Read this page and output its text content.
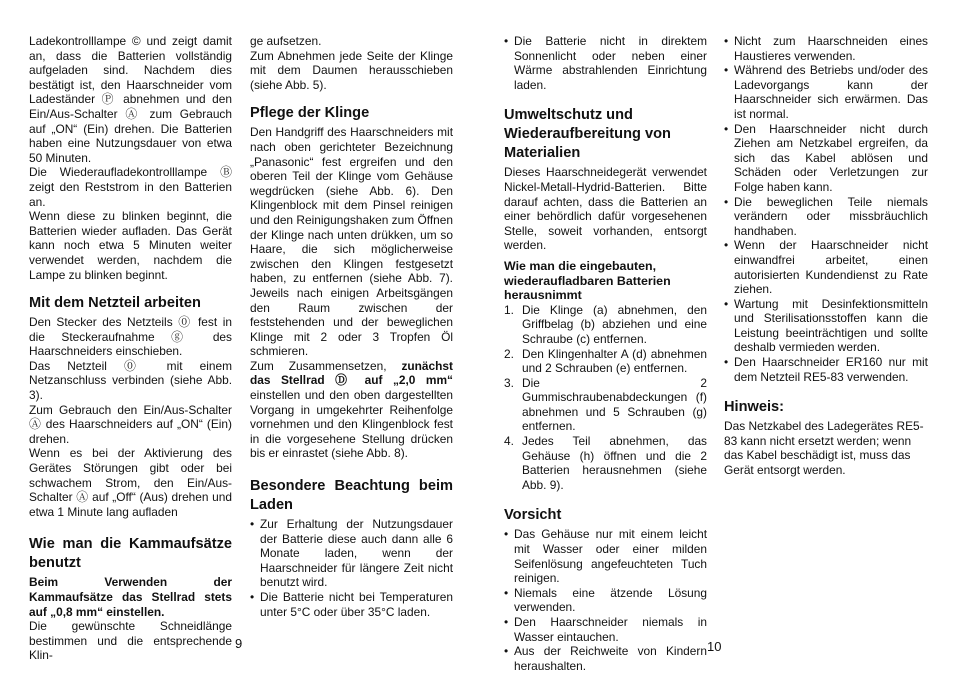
Ladekontrolllampe © und zeigt damit an, dass die Batterien vollständig aufgeladen sind. Nachdem dies bestätigt ist, den Haarschneider vom Ladeständer Ⓟ abnehmen und den Ein/Aus-Schalter Ⓐ zum Gebrauch auf „ON“ (Ein) drehen. Die Batterien haben eine Nutzungsdauer von etwa 50 Minuten.

Die Wiederaufladekontrolllampe Ⓑ zeigt den Reststrom in den Batterien an.

Wenn diese zu blinken beginnt, die Batterien wieder aufladen. Das Gerät kann noch etwa 5 Minuten weiter verwendet werden, nachdem die Lampe zu blinken beginnt.

Mit dem Netzteil arbeiten

Den Stecker des Netzteils ⓪ fest in die Steckeraufnahme ⓖ des Haarschneiders einschieben.

Das Netzteil ⓪ mit einem Netzanschluss verbinden (siehe Abb. 3).

Zum Gebrauch den Ein/Aus-Schalter Ⓐ des Haarschneiders auf „ON“ (Ein) drehen.

Wenn es bei der Aktivierung des Gerätes Störungen gibt oder bei schwachem Strom, den Ein/Aus-Schalter Ⓐ auf „Off“ (Aus) drehen und etwa 1 Minute lang aufladen

Wie man die Kammaufsätze benutzt

Beim Verwenden der Kammaufsätze das Stellrad stets auf „0,8 mm“ einstellen.

Die gewünschte Schneidlänge bestimmen und die entsprechende Klin-

ge aufsetzen.

Zum Abnehmen jede Seite der Klinge mit dem Daumen herausschieben (siehe Abb. 5).

Pflege der Klinge

Den Handgriff des Haarschneiders mit nach oben gerichteter Bezeichnung „Panasonic“ fest ergreifen und den oberen Teil der Klinge vom Gehäuse wegdrücken (siehe Abb. 6). Den Klingenblock mit dem Pinsel reinigen und den Reinigungshaken zum Öffnen der Klinge nach unten drükken, um so Haare, die sich möglicherweise zwischen den Klingen festgesetzt haben, zu entfernen (siehe Abb. 7). Jeweils nach einigen Arbeitsgängen den Raum zwischen der feststehenden und der beweglichen Klinge mit 2 oder 3 Tropfen Öl schmieren.

Zum Zusammensetzen, zunächst das Stellrad Ⓓ auf „2,0 mm“ einstellen und den oben dargestellten Vorgang in umgekehrter Reihenfolge vornehmen und den Klingenblock fest in die vorgesehene Stellung drücken bis er einrastet (siehe Abb. 8).

Besondere Beachtung beim Laden
• Zur Erhaltung der Nutzungsdauer der Batterie diese auch dann alle 6 Monate laden, wenn der Haarschneider für längere Zeit nicht benutzt wird.
• Die Batterie nicht bei Temperaturen unter 5°C oder über 35°C laden.
• Die Batterie nicht in direktem Sonnenlicht oder neben einer Wärme abstrahlenden Einrichtung laden.
Umweltschutz und Wiederaufbereitung von Materialien

Dieses Haarschneidegerät verwendet Nickel-Metall-Hydrid-Batterien. Bitte darauf achten, dass die Batterien an einer behördlich dafür vorgesehenen Stelle, soweit vorhanden, entsorgt werden.

Wie man die eingebauten, wiederaufladbaren Batterien herausnimmt
1. Die Klinge (a) abnehmen, den Griffbelag (b) abziehen und eine Schraube (c) entfernen.
2. Den Klingenhalter A (d) abnehmen und 2 Schrauben (e) entfernen.
3. Die 2 Gummischraubenabdeckungen (f) abnehmen und 5 Schrauben (g) entfernen.
4. Jedes Teil abnehmen, das Gehäuse (h) öffnen und die 2 Batterien herausnehmen (siehe Abb. 9).
Vorsicht
• Das Gehäuse nur mit einem leicht mit Wasser oder einer milden Seifenlösung angefeuchteten Tuch reinigen.
• Niemals eine ätzende Lösung verwenden.
• Den Haarschneider niemals in Wasser eintauchen.
• Aus der Reichweite von Kindern heraushalten.
• Nicht zum Haarschneiden eines Haustieres verwenden.
• Während des Betriebs und/oder des Ladevorgangs kann der Haarschneider sich erwärmen. Das ist normal.
• Den Haarschneider nicht durch Ziehen am Netzkabel ergreifen, da sich das Kabel ablösen und Schäden oder Verletzungen zur Folge haben kann.
• Die beweglichen Teile niemals verändern oder missbräuchlich handhaben.
• Wenn der Haarschneider nicht einwandfrei arbeitet, einen autorisierten Kundendienst zu Rate ziehen.
• Wartung mit Desinfektionsmitteln und Sterilisationsstoffen kann die Leistung beeinträchtigen und sollte deshalb vermieden werden.
• Den Haarschneider ER160 nur mit dem Netzteil RE5-83 verwenden.
Hinweis:

Das Netzkabel des Ladegerätes RE5-83 kann nicht ersetzt werden; wenn das Kabel beschädigt ist, muss das Gerät entsorgt werden.

9	10
